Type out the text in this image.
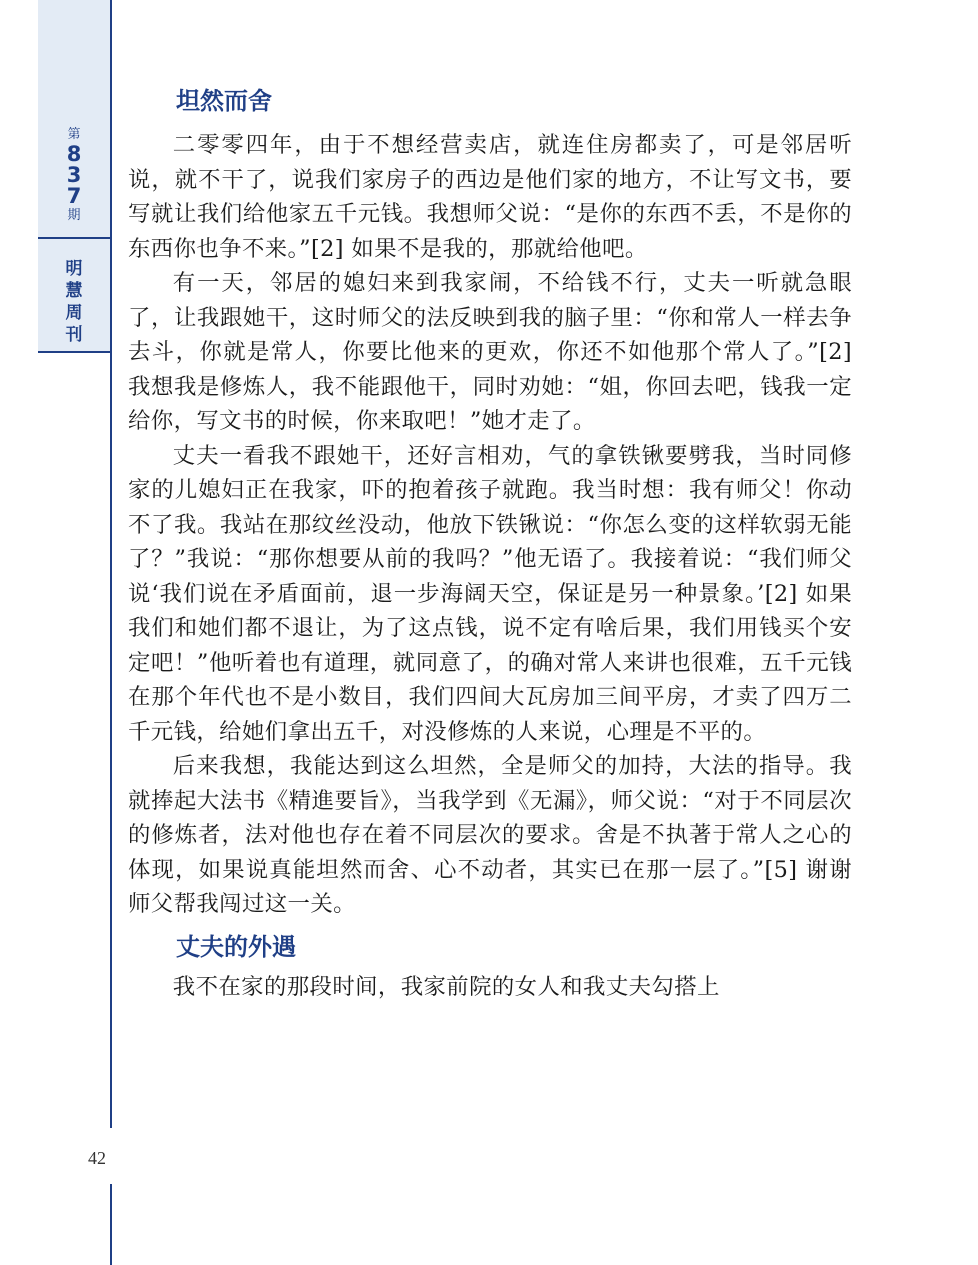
第
8
3
7
期
明
慧
周
刊
42
坦然而舍

二零零四年，由于不想经营卖店，就连住房都卖了，可是邻居听说，就不干了，说我们家房子的西边是他们家的地方，不让写文书，要写就让我们给他家五千元钱。我想师父说：“是你的东西不丢，不是你的东西你也争不来。”[2] 如果不是我的，那就给他吧。

有一天，邻居的媳妇来到我家闹，不给钱不行，丈夫一听就急眼了，让我跟她干，这时师父的法反映到我的脑子里：“你和常人一样去争去斗，你就是常人，你要比他来的更欢，你还不如他那个常人了。”[2] 我想我是修炼人，我不能跟他干，同时劝她：“姐，你回去吧，钱我一定给你，写文书的时候，你来取吧！”她才走了。

丈夫一看我不跟她干，还好言相劝，气的拿铁锹要劈我，当时同修家的儿媳妇正在我家，吓的抱着孩子就跑。我当时想：我有师父！你动不了我。我站在那纹丝没动，他放下铁锹说：“你怎么变的这样软弱无能了？”我说：“那你想要从前的我吗？”他无语了。我接着说：“我们师父说‘我们说在矛盾面前，退一步海阔天空，保证是另一种景象。’[2] 如果我们和她们都不退让，为了这点钱，说不定有啥后果，我们用钱买个安定吧！”他听着也有道理，就同意了，的确对常人来讲也很难，五千元钱在那个年代也不是小数目，我们四间大瓦房加三间平房，才卖了四万二千元钱，给她们拿出五千，对没修炼的人来说，心理是不平的。

后来我想，我能达到这么坦然，全是师父的加持，大法的指导。我就捧起大法书《精進要旨》，当我学到《无漏》，师父说：“对于不同层次的修炼者，法对他也存在着不同层次的要求。舍是不执著于常人之心的体现，如果说真能坦然而舍、心不动者，其实已在那一层了。”[5] 谢谢师父帮我闯过这一关。

丈夫的外遇

我不在家的那段时间，我家前院的女人和我丈夫勾搭上
